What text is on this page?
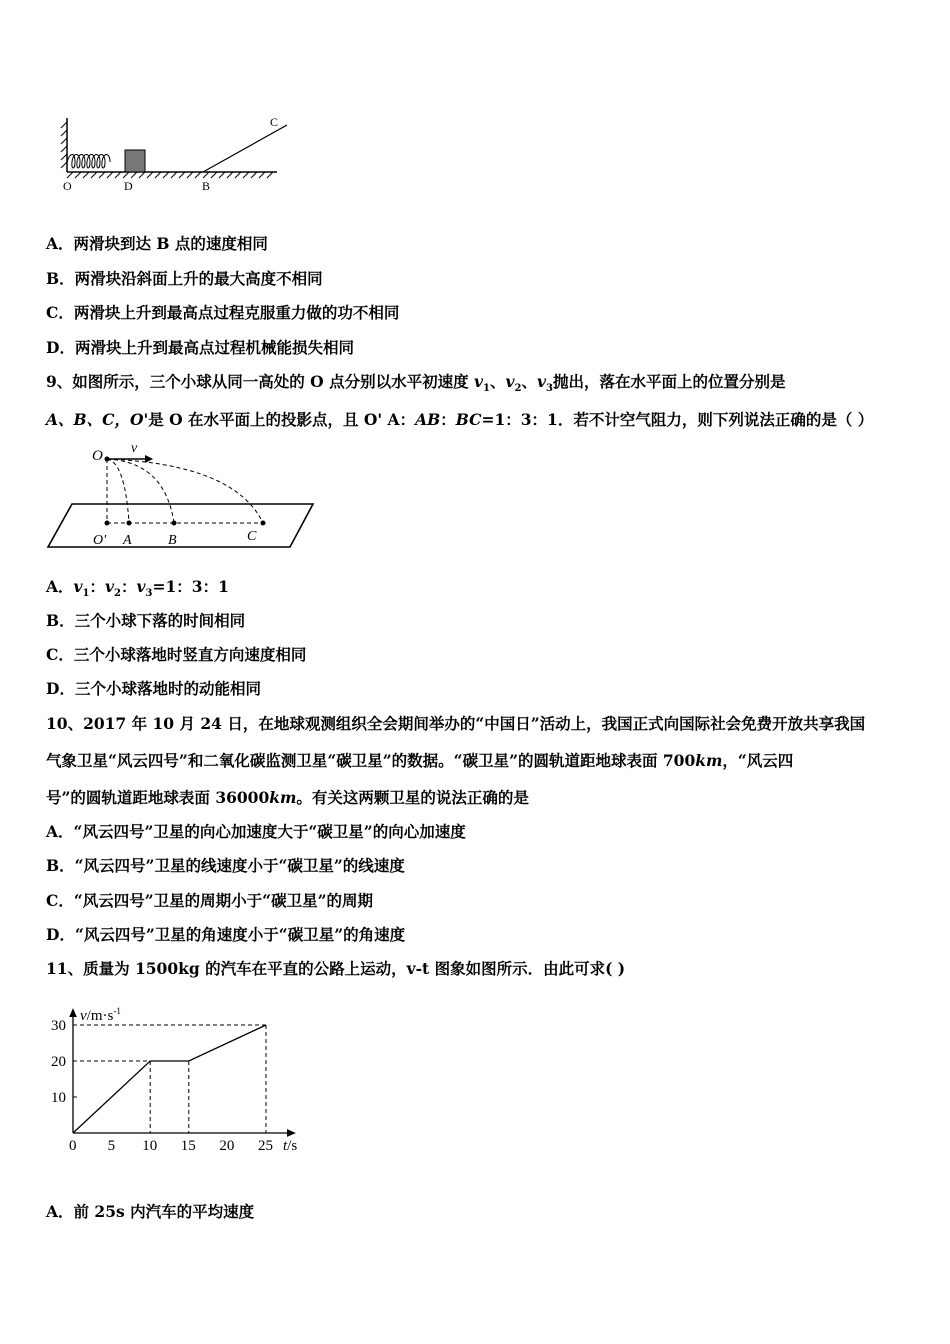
O	D	B
C
A．两滑块到达 B 点的速度相同
B．两滑块沿斜面上升的最大高度不相同
C．两滑块上升到最高点过程克服重力做的功不相同
D．两滑块上升到最高点过程机械能损失相同
9、如图所示，三个小球从同一高处的 O 点分别以水平初速度 $v_1$、$v_2$、$v_3$抛出，落在水平面上的位置分别是
A、B、C，O'是 O 在水平面上的投影点，且 O' A：AB：BC=1：3：1．若不计空气阻力，则下列说法正确的是（ ）
O v
O' A	B	C
A．$v_1$：$v_2$：$v_3=1$：3：1
B．三个小球下落的时间相同
C．三个小球落地时竖直方向速度相同
D．三个小球落地时的动能相同
10、2017 年 10 月 24 日，在地球观测组织全会期间举办的“中国日”活动上，我国正式向国际社会免费开放共享我国
气象卫星“风云四号”和二氧化碳监测卫星“碳卫星”的数据。“碳卫星”的圆轨道距地球表面 700km，“风云四
号”的圆轨道距地球表面 36000km。有关这两颗卫星的说法正确的是
A．“风云四号”卫星的向心加速度大于“碳卫星”的向心加速度
B．“风云四号”卫星的线速度小于“碳卫星”的线速度
C．“风云四号”卫星的周期小于“碳卫星”的周期
D．“风云四号”卫星的角速度小于“碳卫星”的角速度
11、质量为 1500kg 的汽车在平直的公路上运动，v-t 图象如图所示．由此可求( )
$v/m\cdot s^{-1}$
t/s
0 5 10 15 20 25
10
20
30
A．前 25s 内汽车的平均速度
